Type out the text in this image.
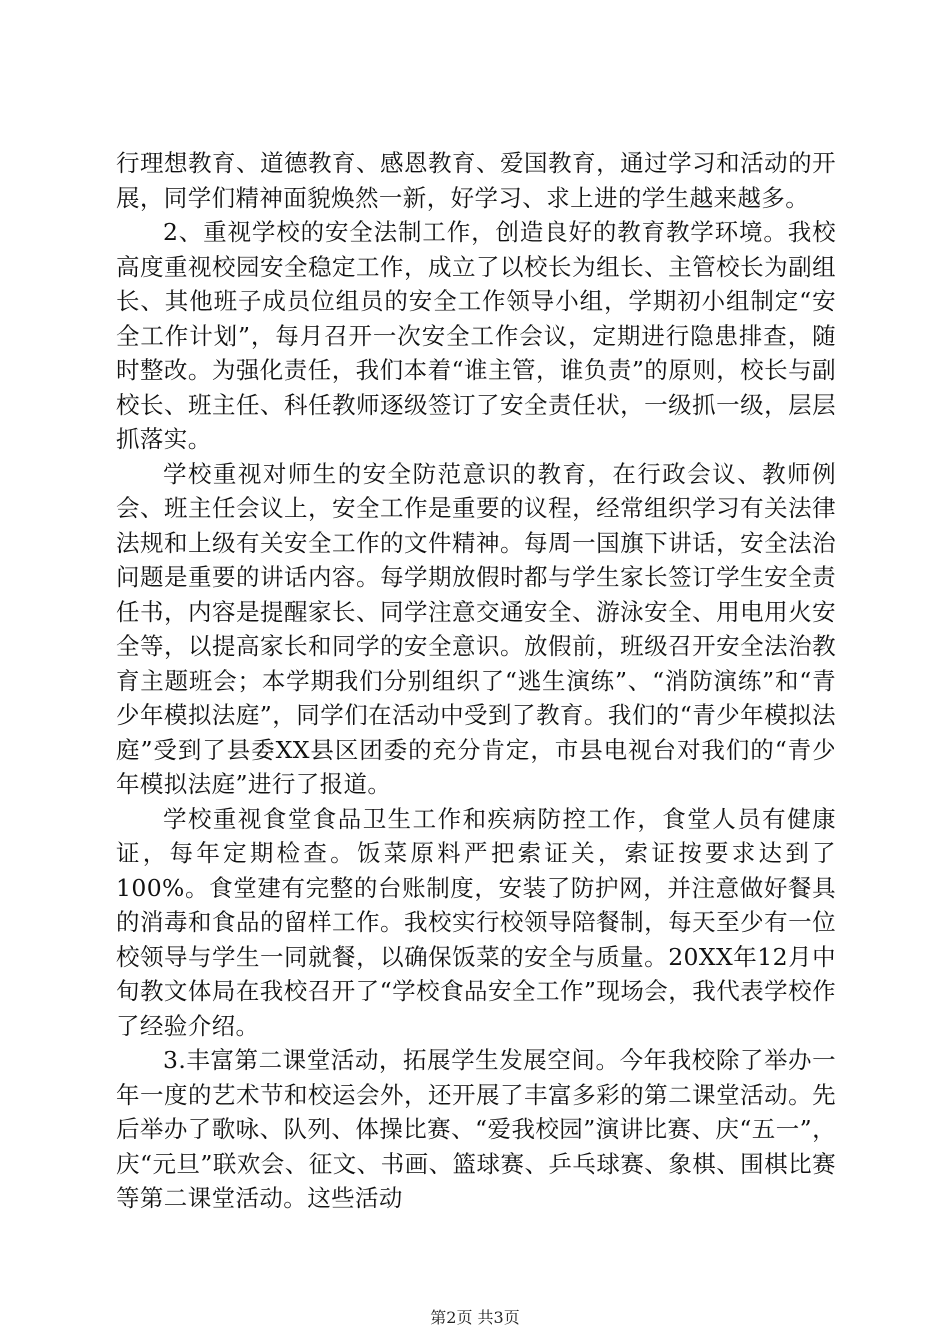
行理想教育、道德教育、感恩教育、爱国教育，通过学习和活动的开展，同学们精神面貌焕然一新，好学习、求上进的学生越来越多。

2、重视学校的安全法制工作，创造良好的教育教学环境。我校高度重视校园安全稳定工作，成立了以校长为组长、主管校长为副组长、其他班子成员位组员的安全工作领导小组，学期初小组制定“安全工作计划”，每月召开一次安全工作会议，定期进行隐患排查，随时整改。为强化责任，我们本着“谁主管，谁负责”的原则，校长与副校长、班主任、科任教师逐级签订了安全责任状，一级抓一级，层层抓落实。

学校重视对师生的安全防范意识的教育，在行政会议、教师例会、班主任会议上，安全工作是重要的议程，经常组织学习有关法律法规和上级有关安全工作的文件精神。每周一国旗下讲话，安全法治问题是重要的讲话内容。每学期放假时都与学生家长签订学生安全责任书，内容是提醒家长、同学注意交通安全、游泳安全、用电用火安全等，以提高家长和同学的安全意识。放假前，班级召开安全法治教育主题班会；本学期我们分别组织了“逃生演练”、“消防演练”和“青少年模拟法庭”，同学们在活动中受到了教育。我们的“青少年模拟法庭”受到了县委XX县区团委的充分肯定，市县电视台对我们的“青少年模拟法庭”进行了报道。

学校重视食堂食品卫生工作和疾病防控工作，食堂人员有健康证，每年定期检查。饭菜原料严把索证关，索证按要求达到了100%。食堂建有完整的台账制度，安装了防护网，并注意做好餐具的消毒和食品的留样工作。我校实行校领导陪餐制，每天至少有一位校领导与学生一同就餐，以确保饭菜的安全与质量。20XX年12月中旬教文体局在我校召开了“学校食品安全工作”现场会，我代表学校作了经验介绍。

3.丰富第二课堂活动，拓展学生发展空间。今年我校除了举办一年一度的艺术节和校运会外，还开展了丰富多彩的第二课堂活动。先后举办了歌咏、队列、体操比赛、“爱我校园”演讲比赛、庆“五一”，庆“元旦”联欢会、征文、书画、篮球赛、乒乓球赛、象棋、围棋比赛等第二课堂活动。这些活动

第2页 共3页
